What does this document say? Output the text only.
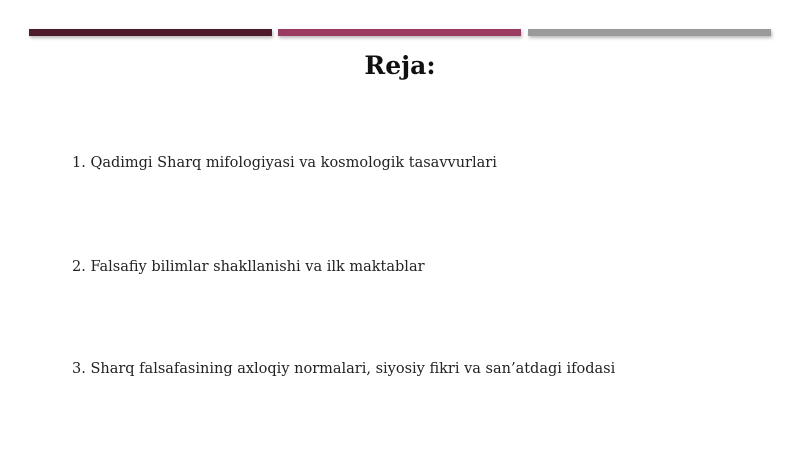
Reja:
1. Qadimgi Sharq mifologiyasi va kosmologik tasavvurlari
2. Falsafiy bilimlar shakllanishi va ilk maktablar
3. Sharq falsafasining axloqiy normalari, siyosiy fikri va san’atdagi ifodasi
